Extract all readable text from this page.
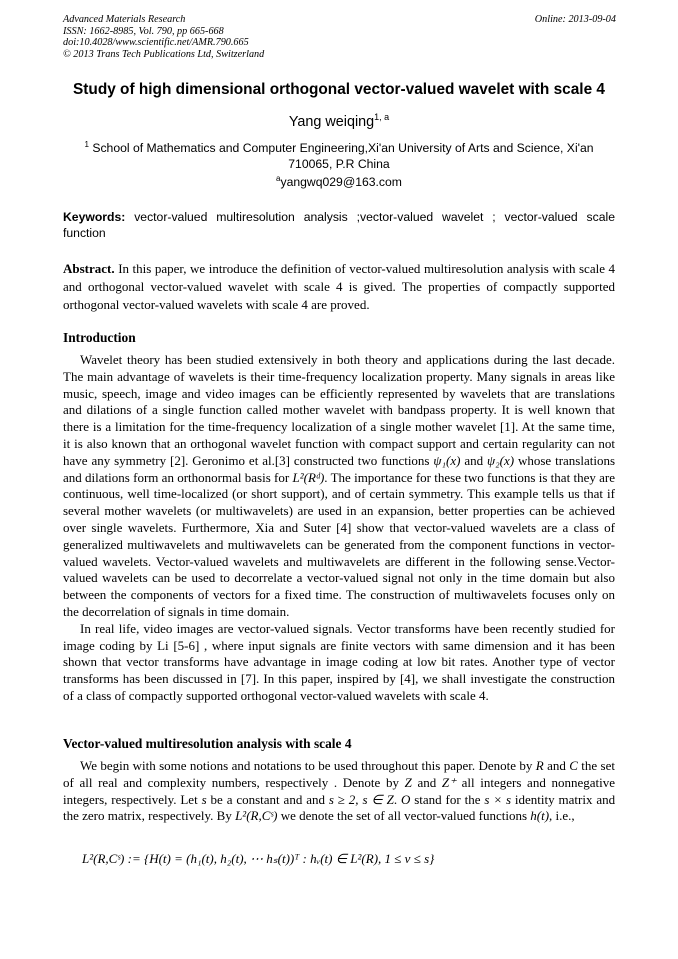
Advanced Materials Research
ISSN: 1662-8985, Vol. 790, pp 665-668
doi:10.4028/www.scientific.net/AMR.790.665
© 2013 Trans Tech Publications Ltd, Switzerland
Online: 2013-09-04
Study of high dimensional orthogonal vector-valued wavelet with scale 4
Yang weiqing$^{1, a}$
$^1$ School of Mathematics and Computer Engineering,Xi'an University of Arts and Science, Xi'an 710065, P.R China
$^a$yangwq029@163.com
Keywords: vector-valued multiresolution analysis ;vector-valued wavelet ; vector-valued scale function
Abstract. In this paper, we introduce the definition of vector-valued multiresolution analysis with scale 4 and orthogonal vector-valued wavelet with scale 4 is gived. The properties of compactly supported orthogonal vector-valued wavelets with scale 4 are proved.
Introduction

Wavelet theory has been studied extensively in both theory and applications during the last decade. The main advantage of wavelets is their time-frequency localization property. Many signals in areas like music, speech, image and video images can be efficiently represented by wavelets that are translations and dilations of a single function called mother wavelet with bandpass property. It is well known that there is a limitation for the time-frequency localization of a single mother wavelet [1]. At the same time, it is also known that an orthogonal wavelet function with compact support and certain regularity can not have any symmetry [2]. Geronimo et al.[3] constructed two functions ψ₁(x) and ψ₂(x) whose translations and dilations form an orthonormal basis for L²(Rᵈ). The importance for these two functions is that they are continuous, well time-localized (or short support), and of certain symmetry. This example tells us that if several mother wavelets (or multiwavelets) are used in an expansion, better properties can be achieved over single wavelets. Furthermore, Xia and Suter [4] show that vector-valued wavelets are a class of generalized multiwavelets and multiwavelets can be generated from the component functions in vector-valued wavelets. Vector-valued wavelets and multiwavelets are different in the following sense.Vector-valued wavelets can be used to decorrelate a vector-valued signal not only in the time domain but also between the components of vectors for a fixed time. The construction of multiwavelets focuses only on the decorrelation of signals in time domain.

In real life, video images are vector-valued signals. Vector transforms have been recently studied for image coding by Li [5-6] , where input signals are finite vectors with same dimension and it has been shown that vector transforms have advantage in image coding at low bit rates. Another type of vector transforms has been discussed in [7]. In this paper, inspired by [4], we shall investigate the construction of a class of compactly supported orthogonal vector-valued wavelets with scale 4.

Vector-valued multiresolution analysis with scale 4

We begin with some notions and notations to be used throughout this paper. Denote by R and C the set of all real and complexity numbers, respectively . Denote by Z and Z⁺ all integers and nonnegative integers, respectively. Let s be a constant and and s ≥ 2, s ∈ Z. O stand for the s × s identity matrix and the zero matrix, respectively. By L²(R,Cˢ) we denote the set of all vector-valued functions h(t), i.e.,

L²(R,Cˢ) := {H(t) = (h₁(t), h₂(t), ⋯ hₛ(t))ᵀ : hᵥ(t) ∈ L²(R), 1 ≤ v ≤ s}
